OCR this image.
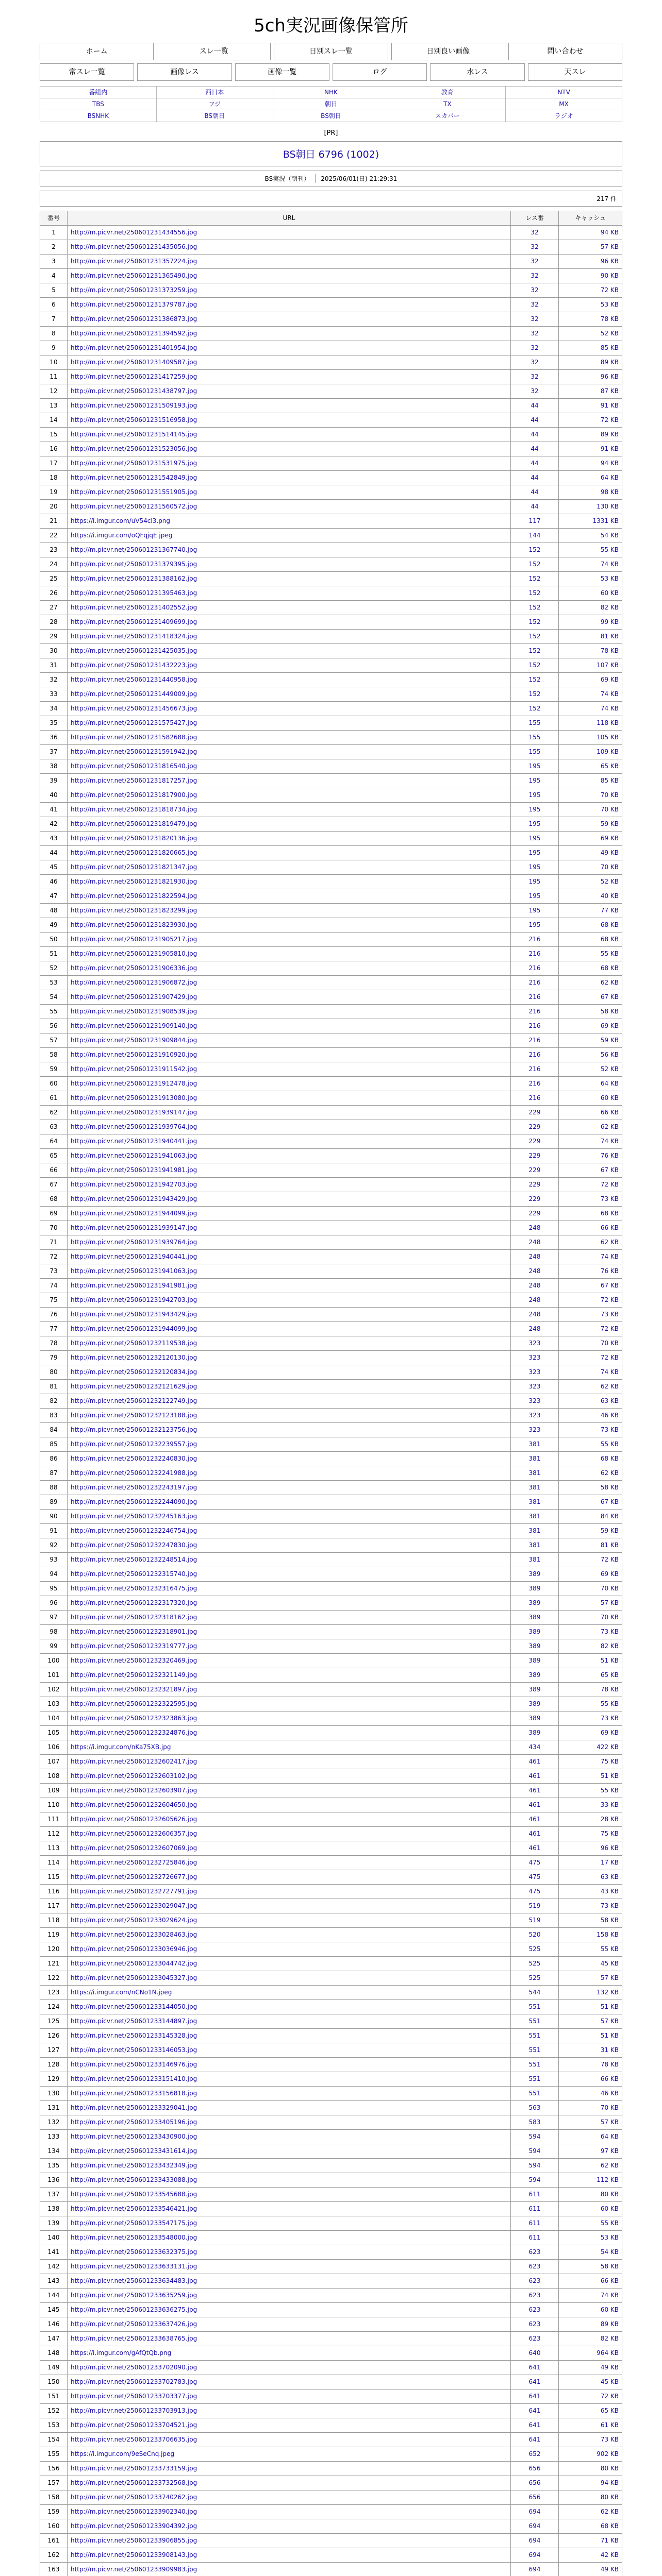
5ch実況画像保管所
ホーム	スレ一覧	日別スレ一覧	日別良い画像	問い合わせ
常スレ一覧	画像レス	画像一覧	ログ	水レス	天スレ
番組内	西日本	NHK	教育	NTV
TBS	フジ	朝日	TX	MX
BSNHK	BS朝日	BS朝日	スカパー	ラジオ
[PR]
BS朝日 6796 (1002)
BS実況（朝刊） 2025/06/01(日) 21:29:31
217 件
番号	URL	レス番	キャッシュ
1	http://m.picvr.net/250601231434556.jpg	32	94 KB
2	http://m.picvr.net/250601231435056.jpg	32	57 KB
3	http://m.picvr.net/250601231357224.jpg	32	96 KB
4	http://m.picvr.net/250601231365490.jpg	32	90 KB
5	http://m.picvr.net/250601231373259.jpg	32	72 KB
6	http://m.picvr.net/250601231379787.jpg	32	53 KB
7	http://m.picvr.net/250601231386873.jpg	32	78 KB
8	http://m.picvr.net/250601231394592.jpg	32	52 KB
9	http://m.picvr.net/250601231401954.jpg	32	85 KB
10	http://m.picvr.net/250601231409587.jpg	32	89 KB
11	http://m.picvr.net/250601231417259.jpg	32	96 KB
12	http://m.picvr.net/250601231438797.jpg	32	87 KB
13	http://m.picvr.net/250601231509193.jpg	44	91 KB
14	http://m.picvr.net/250601231516958.jpg	44	72 KB
15	http://m.picvr.net/250601231514145.jpg	44	89 KB
16	http://m.picvr.net/250601231523056.jpg	44	91 KB
17	http://m.picvr.net/250601231531975.jpg	44	94 KB
18	http://m.picvr.net/250601231542849.jpg	44	64 KB
19	http://m.picvr.net/250601231551905.jpg	44	98 KB
20	http://m.picvr.net/250601231560572.jpg	44	130 KB
21	https://i.imgur.com/uV54cl3.png	117	1331 KB
22	https://i.imgur.com/oQFqjqE.jpeg	144	54 KB
23	http://m.picvr.net/250601231367740.jpg	152	55 KB
24	http://m.picvr.net/250601231379395.jpg	152	74 KB
25	http://m.picvr.net/250601231388162.jpg	152	53 KB
26	http://m.picvr.net/250601231395463.jpg	152	60 KB
27	http://m.picvr.net/250601231402552.jpg	152	82 KB
28	http://m.picvr.net/250601231409699.jpg	152	99 KB
29	http://m.picvr.net/250601231418324.jpg	152	81 KB
30	http://m.picvr.net/250601231425035.jpg	152	78 KB
31	http://m.picvr.net/250601231432223.jpg	152	107 KB
32	http://m.picvr.net/250601231440958.jpg	152	69 KB
33	http://m.picvr.net/250601231449009.jpg	152	74 KB
34	http://m.picvr.net/250601231456673.jpg	152	74 KB
35	http://m.picvr.net/250601231575427.jpg	155	118 KB
36	http://m.picvr.net/250601231582688.jpg	155	105 KB
37	http://m.picvr.net/250601231591942.jpg	155	109 KB
38	http://m.picvr.net/250601231816540.jpg	195	65 KB
39	http://m.picvr.net/250601231817257.jpg	195	85 KB
40	http://m.picvr.net/250601231817900.jpg	195	70 KB
41	http://m.picvr.net/250601231818734.jpg	195	70 KB
42	http://m.picvr.net/250601231819479.jpg	195	59 KB
43	http://m.picvr.net/250601231820136.jpg	195	69 KB
44	http://m.picvr.net/250601231820665.jpg	195	49 KB
45	http://m.picvr.net/250601231821347.jpg	195	70 KB
46	http://m.picvr.net/250601231821930.jpg	195	52 KB
47	http://m.picvr.net/250601231822594.jpg	195	40 KB
48	http://m.picvr.net/250601231823299.jpg	195	77 KB
49	http://m.picvr.net/250601231823930.jpg	195	68 KB
50	http://m.picvr.net/250601231905217.jpg	216	68 KB
51	http://m.picvr.net/250601231905810.jpg	216	55 KB
52	http://m.picvr.net/250601231906336.jpg	216	68 KB
53	http://m.picvr.net/250601231906872.jpg	216	62 KB
54	http://m.picvr.net/250601231907429.jpg	216	67 KB
55	http://m.picvr.net/250601231908539.jpg	216	58 KB
56	http://m.picvr.net/250601231909140.jpg	216	69 KB
57	http://m.picvr.net/250601231909844.jpg	216	59 KB
58	http://m.picvr.net/250601231910920.jpg	216	56 KB
59	http://m.picvr.net/250601231911542.jpg	216	52 KB
60	http://m.picvr.net/250601231912478.jpg	216	64 KB
61	http://m.picvr.net/250601231913080.jpg	216	60 KB
62	http://m.picvr.net/250601231939147.jpg	229	66 KB
63	http://m.picvr.net/250601231939764.jpg	229	62 KB
64	http://m.picvr.net/250601231940441.jpg	229	74 KB
65	http://m.picvr.net/250601231941063.jpg	229	76 KB
66	http://m.picvr.net/250601231941981.jpg	229	67 KB
67	http://m.picvr.net/250601231942703.jpg	229	72 KB
68	http://m.picvr.net/250601231943429.jpg	229	73 KB
69	http://m.picvr.net/250601231944099.jpg	229	68 KB
70	http://m.picvr.net/250601231939147.jpg	248	66 KB
71	http://m.picvr.net/250601231939764.jpg	248	62 KB
72	http://m.picvr.net/250601231940441.jpg	248	74 KB
73	http://m.picvr.net/250601231941063.jpg	248	76 KB
74	http://m.picvr.net/250601231941981.jpg	248	67 KB
75	http://m.picvr.net/250601231942703.jpg	248	72 KB
76	http://m.picvr.net/250601231943429.jpg	248	73 KB
77	http://m.picvr.net/250601231944099.jpg	248	72 KB
78	http://m.picvr.net/250601232119538.jpg	323	70 KB
79	http://m.picvr.net/250601232120130.jpg	323	72 KB
80	http://m.picvr.net/250601232120834.jpg	323	74 KB
81	http://m.picvr.net/250601232121629.jpg	323	62 KB
82	http://m.picvr.net/250601232122749.jpg	323	63 KB
83	http://m.picvr.net/250601232123188.jpg	323	46 KB
84	http://m.picvr.net/250601232123756.jpg	323	73 KB
85	http://m.picvr.net/250601232239557.jpg	381	55 KB
86	http://m.picvr.net/250601232240830.jpg	381	68 KB
87	http://m.picvr.net/250601232241988.jpg	381	62 KB
88	http://m.picvr.net/250601232243197.jpg	381	58 KB
89	http://m.picvr.net/250601232244090.jpg	381	67 KB
90	http://m.picvr.net/250601232245163.jpg	381	84 KB
91	http://m.picvr.net/250601232246754.jpg	381	59 KB
92	http://m.picvr.net/250601232247830.jpg	381	81 KB
93	http://m.picvr.net/250601232248514.jpg	381	72 KB
94	http://m.picvr.net/250601232315740.jpg	389	69 KB
95	http://m.picvr.net/250601232316475.jpg	389	70 KB
96	http://m.picvr.net/250601232317320.jpg	389	57 KB
97	http://m.picvr.net/250601232318162.jpg	389	70 KB
98	http://m.picvr.net/250601232318901.jpg	389	73 KB
99	http://m.picvr.net/250601232319777.jpg	389	82 KB
100	http://m.picvr.net/250601232320469.jpg	389	51 KB
101	http://m.picvr.net/250601232321149.jpg	389	65 KB
102	http://m.picvr.net/250601232321897.jpg	389	78 KB
103	http://m.picvr.net/250601232322595.jpg	389	55 KB
104	http://m.picvr.net/250601232323863.jpg	389	73 KB
105	http://m.picvr.net/250601232324876.jpg	389	69 KB
106	https://i.imgur.com/nKa75XB.jpg	434	422 KB
107	http://m.picvr.net/250601232602417.jpg	461	75 KB
108	http://m.picvr.net/250601232603102.jpg	461	51 KB
109	http://m.picvr.net/250601232603907.jpg	461	55 KB
110	http://m.picvr.net/250601232604650.jpg	461	33 KB
111	http://m.picvr.net/250601232605626.jpg	461	28 KB
112	http://m.picvr.net/250601232606357.jpg	461	75 KB
113	http://m.picvr.net/250601232607069.jpg	461	96 KB
114	http://m.picvr.net/250601232725846.jpg	475	17 KB
115	http://m.picvr.net/250601232726677.jpg	475	63 KB
116	http://m.picvr.net/250601232727791.jpg	475	43 KB
117	http://m.picvr.net/250601233029047.jpg	519	73 KB
118	http://m.picvr.net/250601233029624.jpg	519	58 KB
119	http://m.picvr.net/250601233028463.jpg	520	158 KB
120	http://m.picvr.net/250601233036946.jpg	525	55 KB
121	http://m.picvr.net/250601233044742.jpg	525	45 KB
122	http://m.picvr.net/250601233045327.jpg	525	57 KB
123	https://i.imgur.com/nCNo1N.jpeg	544	132 KB
124	http://m.picvr.net/250601233144050.jpg	551	51 KB
125	http://m.picvr.net/250601233144897.jpg	551	57 KB
126	http://m.picvr.net/250601233145328.jpg	551	51 KB
127	http://m.picvr.net/250601233146053.jpg	551	31 KB
128	http://m.picvr.net/250601233146976.jpg	551	78 KB
129	http://m.picvr.net/250601233151410.jpg	551	66 KB
130	http://m.picvr.net/250601233156818.jpg	551	46 KB
131	http://m.picvr.net/250601233329041.jpg	563	70 KB
132	http://m.picvr.net/250601233405196.jpg	583	57 KB
133	http://m.picvr.net/250601233430900.jpg	594	64 KB
134	http://m.picvr.net/250601233431614.jpg	594	97 KB
135	http://m.picvr.net/250601233432349.jpg	594	62 KB
136	http://m.picvr.net/250601233433088.jpg	594	112 KB
137	http://m.picvr.net/250601233545688.jpg	611	80 KB
138	http://m.picvr.net/250601233546421.jpg	611	60 KB
139	http://m.picvr.net/250601233547175.jpg	611	55 KB
140	http://m.picvr.net/250601233548000.jpg	611	53 KB
141	http://m.picvr.net/250601233632375.jpg	623	54 KB
142	http://m.picvr.net/250601233633131.jpg	623	58 KB
143	http://m.picvr.net/250601233634483.jpg	623	66 KB
144	http://m.picvr.net/250601233635259.jpg	623	74 KB
145	http://m.picvr.net/250601233636275.jpg	623	60 KB
146	http://m.picvr.net/250601233637426.jpg	623	89 KB
147	http://m.picvr.net/250601233638765.jpg	623	82 KB
148	https://i.imgur.com/gAfQtQb.png	640	964 KB
149	http://m.picvr.net/250601233702090.jpg	641	49 KB
150	http://m.picvr.net/250601233702783.jpg	641	45 KB
151	http://m.picvr.net/250601233703377.jpg	641	72 KB
152	http://m.picvr.net/250601233703913.jpg	641	65 KB
153	http://m.picvr.net/250601233704521.jpg	641	61 KB
154	http://m.picvr.net/250601233706635.jpg	641	73 KB
155	https://i.imgur.com/9eSeCnq.jpeg	652	902 KB
156	http://m.picvr.net/250601233733159.jpg	656	80 KB
157	http://m.picvr.net/250601233732568.jpg	656	94 KB
158	http://m.picvr.net/250601233740262.jpg	656	80 KB
159	http://m.picvr.net/250601233902340.jpg	694	62 KB
160	http://m.picvr.net/250601233904392.jpg	694	68 KB
161	http://m.picvr.net/250601233906855.jpg	694	71 KB
162	http://m.picvr.net/250601233908143.jpg	694	42 KB
163	http://m.picvr.net/250601233909983.jpg	694	49 KB
